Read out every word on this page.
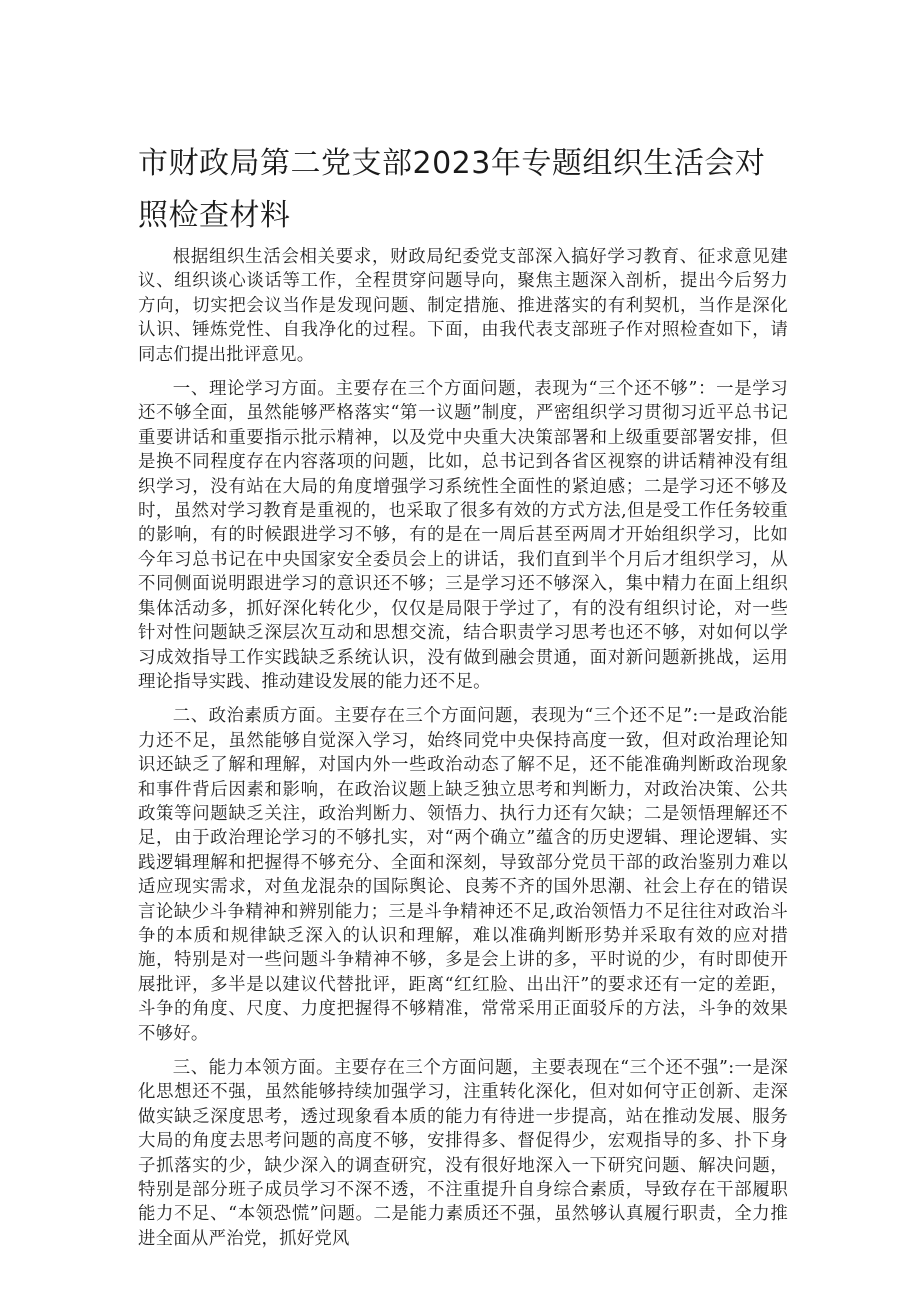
市财政局第二党支部2023年专题组织生活会对照检查材料

根据组织生活会相关要求，财政局纪委党支部深入搞好学习教育、征求意见建议、组织谈心谈话等工作，全程贯穿问题导向，聚焦主题深入剖析，提出今后努力方向，切实把会议当作是发现问题、制定措施、推进落实的有利契机，当作是深化认识、锤炼党性、自我净化的过程。下面，由我代表支部班子作对照检查如下，请同志们提出批评意见。

一、理论学习方面。主要存在三个方面问题，表现为“三个还不够”：一是学习还不够全面，虽然能够严格落实“第一议题”制度，严密组织学习贯彻习近平总书记重要讲话和重要指示批示精神，以及党中央重大决策部署和上级重要部署安排，但是换不同程度存在内容落项的问题，比如，总书记到各省区视察的讲话精神没有组织学习，没有站在大局的角度增强学习系统性全面性的紧迫感；二是学习还不够及时，虽然对学习教育是重视的，也采取了很多有效的方式方法,但是受工作任务较重的影响，有的时候跟进学习不够，有的是在一周后甚至两周才开始组织学习，比如今年习总书记在中央国家安全委员会上的讲话，我们直到半个月后才组织学习，从不同侧面说明跟进学习的意识还不够；三是学习还不够深入，集中精力在面上组织集体活动多，抓好深化转化少，仅仅是局限于学过了，有的没有组织讨论，对一些针对性问题缺乏深层次互动和思想交流，结合职责学习思考也还不够，对如何以学习成效指导工作实践缺乏系统认识，没有做到融会贯通，面对新问题新挑战，运用理论指导实践、推动建设发展的能力还不足。

二、政治素质方面。主要存在三个方面问题，表现为“三个还不足”:一是政治能力还不足，虽然能够自觉深入学习，始终同党中央保持高度一致，但对政治理论知识还缺乏了解和理解，对国内外一些政治动态了解不足，还不能准确判断政治现象和事件背后因素和影响，在政治议题上缺乏独立思考和判断力，对政治决策、公共政策等问题缺乏关注，政治判断力、领悟力、执行力还有欠缺；二是领悟理解还不足，由于政治理论学习的不够扎实，对“两个确立”蕴含的历史逻辑、理论逻辑、实践逻辑理解和把握得不够充分、全面和深刻，导致部分党员干部的政治鉴别力难以适应现实需求，对鱼龙混杂的国际舆论、良莠不齐的国外思潮、社会上存在的错误言论缺少斗争精神和辨别能力；三是斗争精神还不足,政治领悟力不足往往对政治斗争的本质和规律缺乏深入的认识和理解，难以准确判断形势并采取有效的应对措施，特别是对一些问题斗争精神不够，多是会上讲的多，平时说的少，有时即使开展批评，多半是以建议代替批评，距离“红红脸、出出汗”的要求还有一定的差距，斗争的角度、尺度、力度把握得不够精准，常常采用正面驳斥的方法，斗争的效果不够好。

三、能力本领方面。主要存在三个方面问题，主要表现在“三个还不强”:一是深化思想还不强，虽然能够持续加强学习，注重转化深化，但对如何守正创新、走深做实缺乏深度思考，透过现象看本质的能力有待进一步提高，站在推动发展、服务大局的角度去思考问题的高度不够，安排得多、督促得少，宏观指导的多、扑下身子抓落实的少，缺少深入的调查研究，没有很好地深入一下研究问题、解决问题，特别是部分班子成员学习不深不透，不注重提升自身综合素质，导致存在干部履职能力不足、“本领恐慌”问题。二是能力素质还不强，虽然够认真履行职责，全力推进全面从严治党，抓好党风
